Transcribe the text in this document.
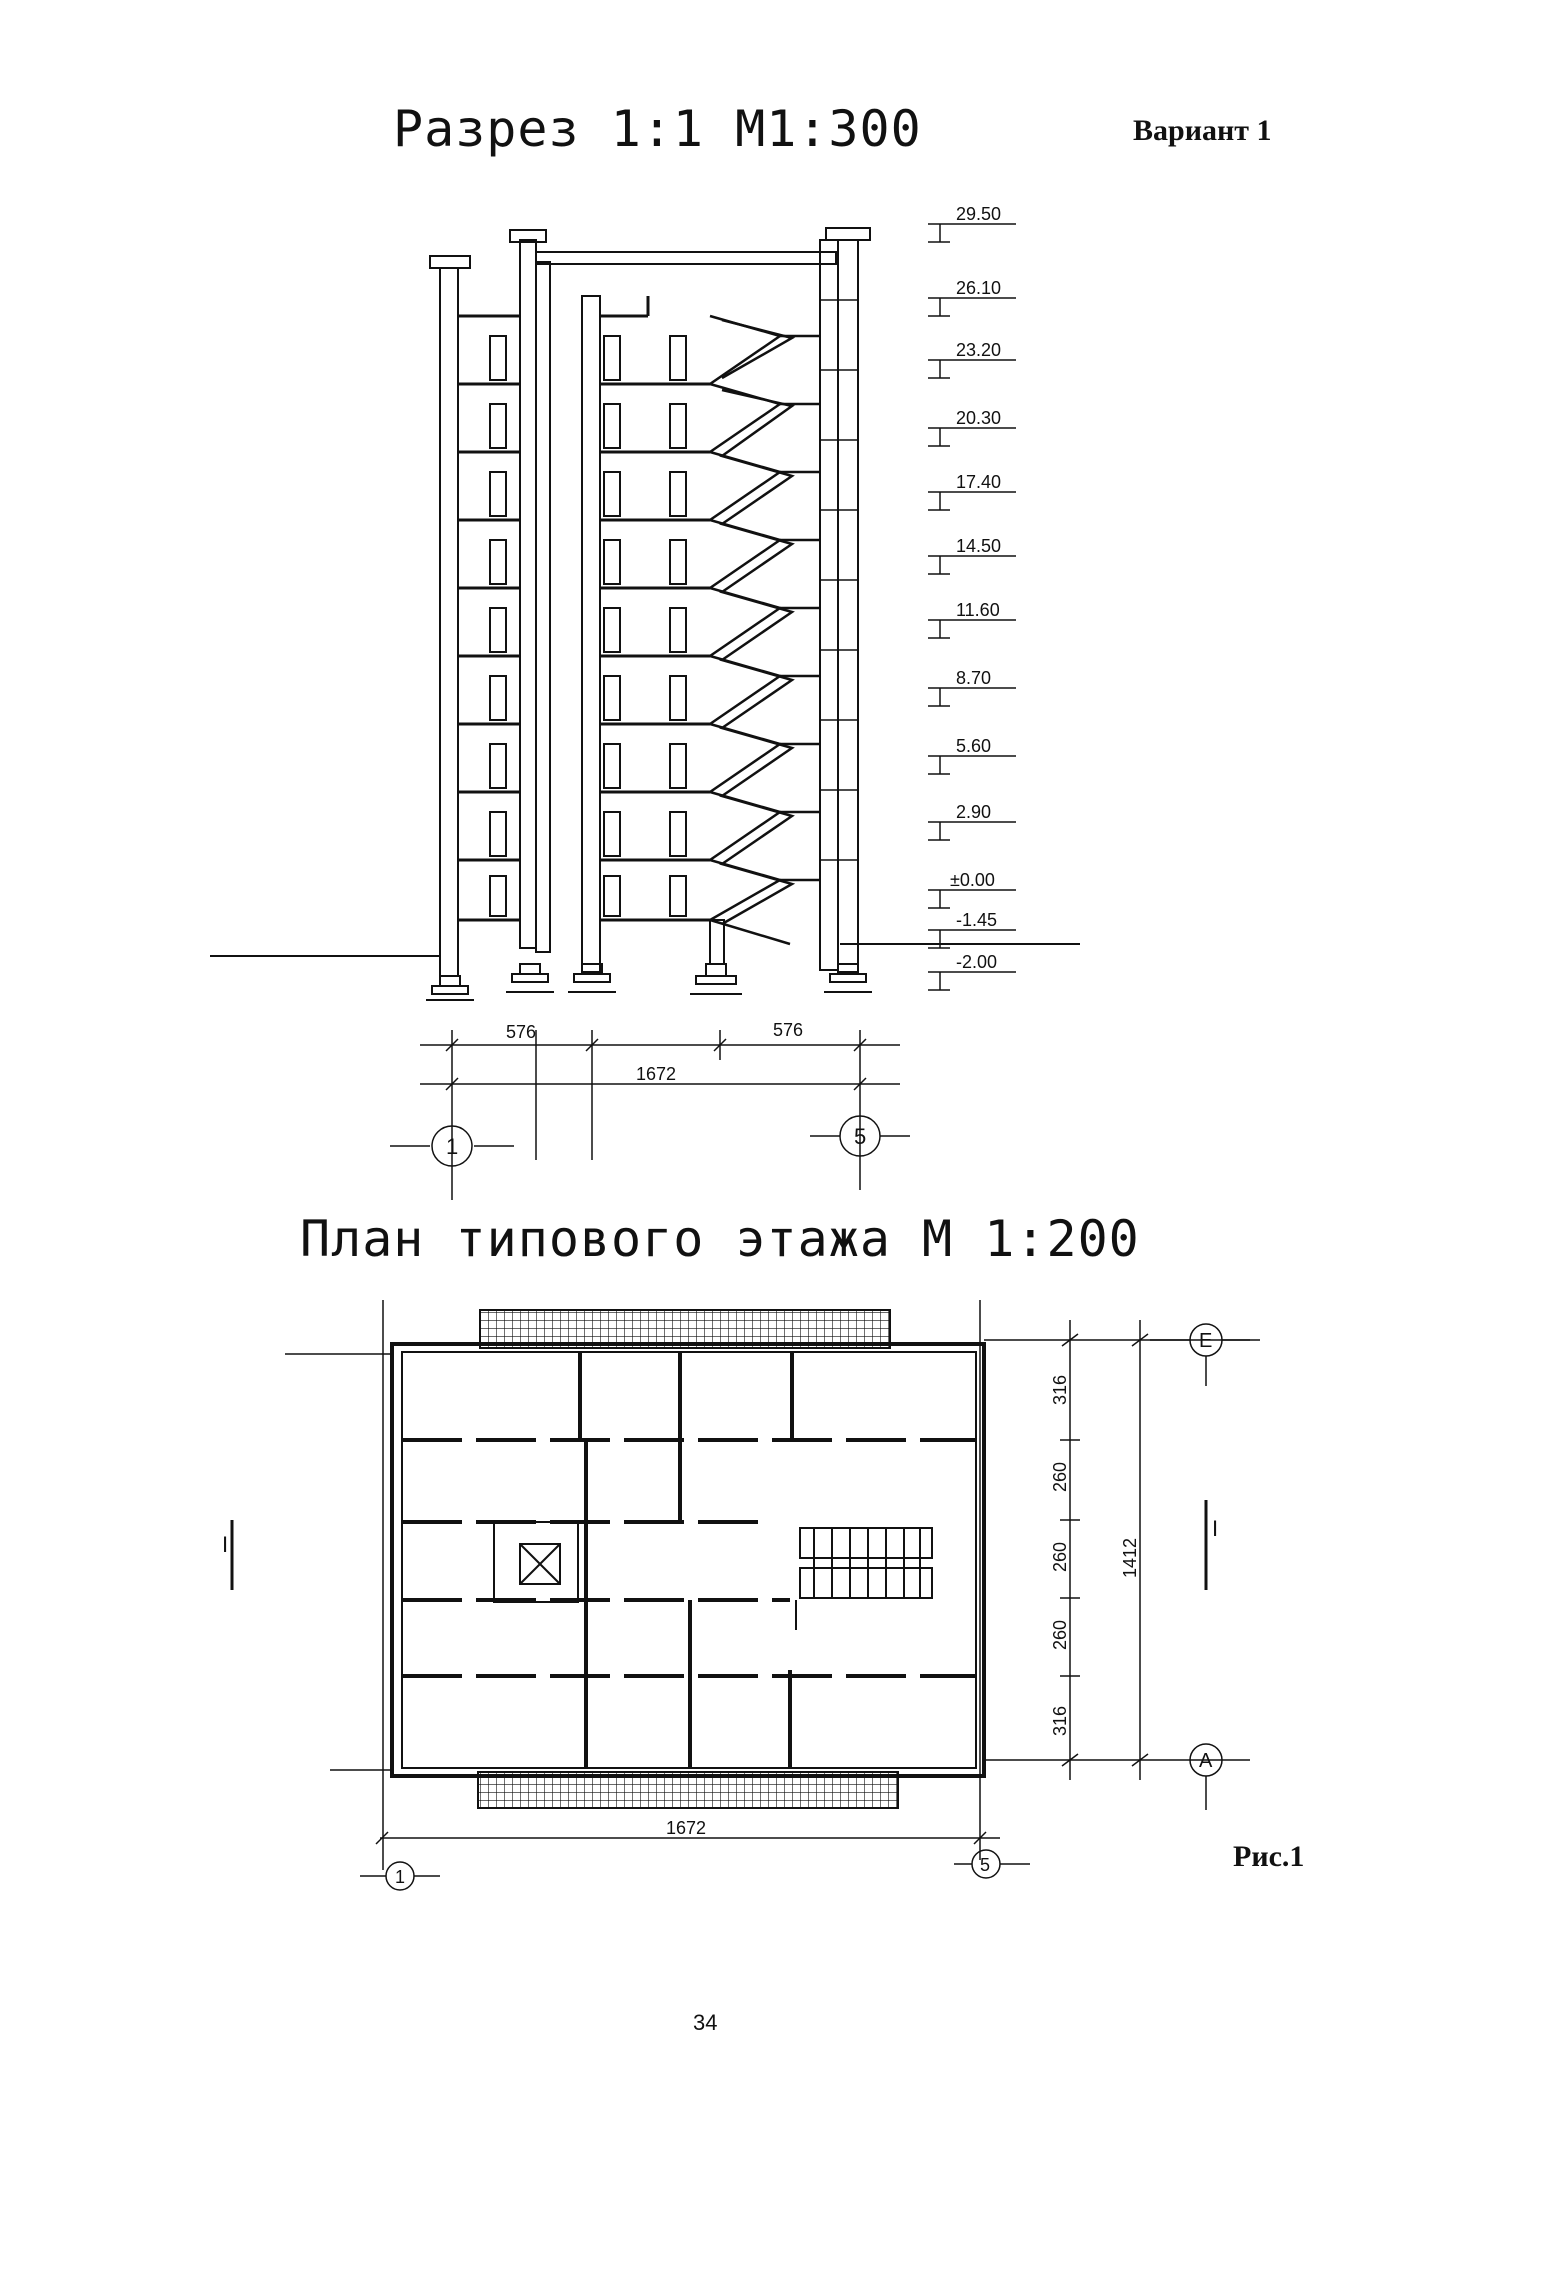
Разрез 1:1 М1:300	Вариант 1
План типового этажа М 1:200
Рис.1
34
29.50
26.10
23.20
20.30
17.40
14.50
11.60
8.70
5.60
2.90
±0.00
-1.45
-2.00
576	576
1672
1	5
316
260
260
260
316
1412
1672
Е
А
1
5
I
I
